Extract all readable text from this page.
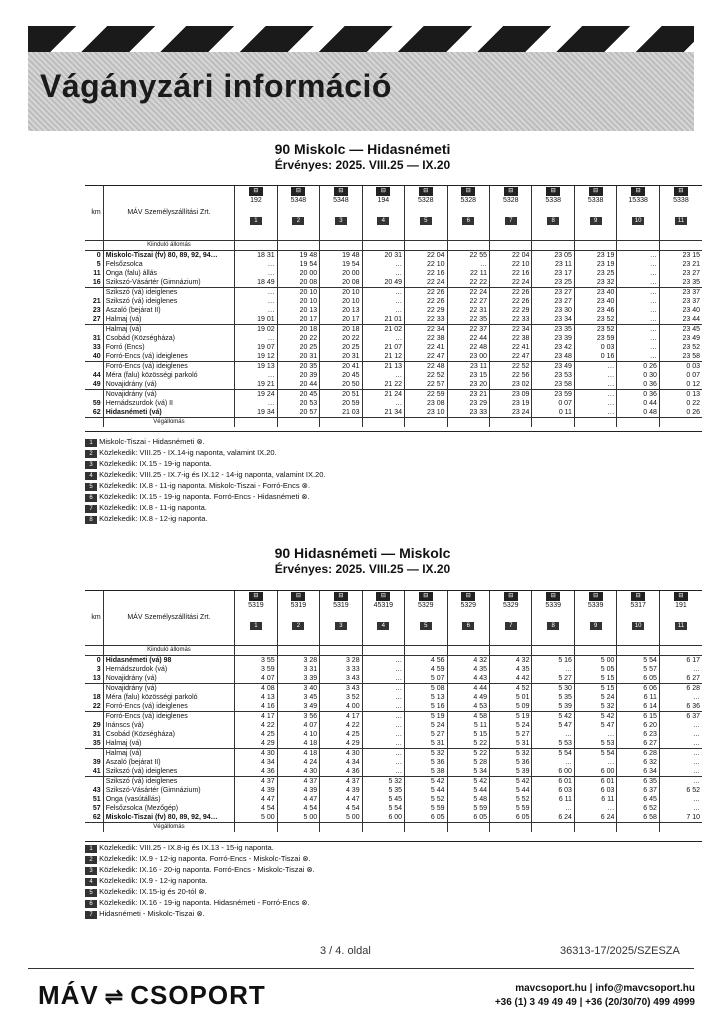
Vágányzári információ
90 Miskolc — Hidasnémeti
Érvényes: 2025. VIII.25 — IX.20
km	MÁV Személyszállítási Zrt.	⊟
192

1	⊟
5348

2	⊟
5348

3	⊟
194

4	⊟
5328

5	⊟
5328

6	⊟
5328

7	⊟
5338

8	⊟
5338

9	⊟
15338

10	⊟
5338

11
	Kiinduló állomás											
0	Miskolc-Tiszai (fv) 80, 89, 92, 94…	18 31	19 48	19 48	20 31	22 04	22 55	22 04	23 05	23 19	…	23 15
5	Felsőzsolca	…	19 54	19 54	…	22 10	…	22 10	23 11	23 19	…	23 21
11	Onga (falu) állás	…	20 00	20 00	…	22 16	22 11	22 16	23 17	23 25	…	23 27
16	Szikszó-Vásártér (Gimnázium)	18 49	20 08	20 08	20 49	22 24	22 22	22 24	23 25	23 32	…	23 35
	Szikszó (vá) ideiglenes	…	20 10	20 10	…	22 26	22 24	22 26	23 27	23 40	…	23 37
21	Szikszó (vá) ideiglenes	…	20 10	20 10	…	22 26	22 27	22 26	23 27	23 40	…	23 37
23	Aszaló (bejárat II)	…	20 13	20 13	…	22 29	22 31	22 29	23 30	23 46	…	23 40
27	Halmaj (vá)	19 01	20 17	20 17	21 01	22 33	22 35	22 33	23 34	23 52	…	23 44
	Halmaj (vá)	19 02	20 18	20 18	21 02	22 34	22 37	22 34	23 35	23 52	…	23 45
31	Csobád (Községháza)	…	20 22	20 22	…	22 38	22 44	22 38	23 39	23 59	…	23 49
33	Forró (Encs)	19 07	20 25	20 25	21 07	22 41	22 48	22 41	23 42	0 03	…	23 52
40	Forró-Encs (vá) ideiglenes	19 12	20 31	20 31	21 12	22 47	23 00	22 47	23 48	0 16	…	23 58
	Forró-Encs (vá) ideiglenes	19 13	20 35	20 41	21 13	22 48	23 11	22 52	23 49	…	0 26	0 03
44	Méra (falu) közösségi parkoló	…	20 39	20 45	…	22 52	23 15	22 56	23 53	…	0 30	0 07
49	Novajidrány (vá)	19 21	20 44	20 50	21 22	22 57	23 20	23 02	23 58	…	0 36	0 12
	Novajidrány (vá)	19 24	20 45	20 51	21 24	22 59	23 21	23 09	23 59	…	0 36	0 13
59	Hernádszurdok (vá) II	…	20 53	20 59	…	23 08	23 29	23 19	0 07	…	0 44	0 22
62	Hidasnémeti (vá)	19 34	20 57	21 03	21 34	23 10	23 33	23 24	0 11	…	0 48	0 26
	Végállomás											
1 Miskolc-Tiszai - Hidasnémeti ⊗.
2 Közlekedik: VIII.25 - IX.14-ig naponta, valamint IX.20.
3 Közlekedik: IX.15 - 19-ig naponta.
4 Közlekedik: VIII.25 - IX.7-ig és IX.12 - 14-ig naponta, valamint IX.20.
5 Közlekedik: IX.8 - 11-ig naponta. Miskolc-Tiszai - Forró-Encs ⊗.
6 Közlekedik: IX.15 - 19-ig naponta. Forró-Encs - Hidasnémeti ⊗.
7 Közlekedik: IX.8 - 11-ig naponta.
8 Közlekedik: IX.8 - 12-ig naponta.
90 Hidasnémeti — Miskolc
Érvényes: 2025. VIII.25 — IX.20
km	MÁV Személyszállítási Zrt.	⊟
5319

1	⊟
5319

2	⊟
5319

3	⊟
45319

4	⊟
5329

5	⊟
5329

6	⊟
5329

7	⊟
5339

8	⊟
5339

9	⊟
5317

10	⊟
191

11
	Kiinduló állomás											
0	Hidasnémeti (vá) 98	3 55	3 28	3 28	…	4 56	4 32	4 32	5 16	5 00	5 54	6 17
3	Hernádszurdok (vá)	3 59	3 31	3 33	…	4 59	4 35	4 35	…	5 05	5 57	…
13	Novajidrány (vá)	4 07	3 39	3 43	…	5 07	4 43	4 42	5 27	5 15	6 05	6 27
	Novajidrány (vá)	4 08	3 40	3 43	…	5 08	4 44	4 52	5 30	5 15	6 06	6 28
18	Méra (falu) közösségi parkoló	4 13	3 45	3 52	…	5 13	4 49	5 01	5 35	5 24	6 11	…
22	Forró-Encs (vá) ideiglenes	4 16	3 49	4 00	…	5 16	4 53	5 09	5 39	5 32	6 14	6 36
	Forró-Encs (vá) ideiglenes	4 17	3 56	4 17	…	5 19	4 58	5 19	5 42	5 42	6 15	6 37
29	Inánscs (vá)	4 22	4 07	4 22	…	5 24	5 11	5 24	5 47	5 47	6 20	…
31	Csobád (Községháza)	4 25	4 10	4 25	…	5 27	5 15	5 27	…	…	6 23	…
35	Halmaj (vá)	4 29	4 18	4 29	…	5 31	5 22	5 31	5 53	5 53	6 27	…
	Halmaj (vá)	4 30	4 18	4 30	…	5 32	5 22	5 32	5 54	5 54	6 28	…
39	Aszaló (bejárat II)	4 34	4 24	4 34	…	5 36	5 28	5 36	…	…	6 32	…
41	Szikszó (vá) ideiglenes	4 36	4 30	4 36	…	5 38	5 34	5 39	6 00	6 00	6 34	…
	Szikszó (vá) ideiglenes	4 37	4 37	4 37	5 32	5 42	5 42	5 42	6 01	6 01	6 35	…
43	Szikszó-Vásártér (Gimnázium)	4 39	4 39	4 39	5 35	5 44	5 44	5 44	6 03	6 03	6 37	6 52
51	Onga (vasútállás)	4 47	4 47	4 47	5 45	5 52	5 48	5 52	6 11	6 11	6 45	…
57	Felsőzsolca (Mezőgép)	4 54	4 54	4 54	5 54	5 59	5 59	5 59	…	…	6 52	…
62	Miskolc-Tiszai (fv) 80, 89, 92, 94…	5 00	5 00	5 00	6 00	6 05	6 05	6 05	6 24	6 24	6 58	7 10
	Végállomás											
1 Közlekedik: VIII.25 - IX.8-ig és IX.13 - 15-ig naponta.
2 Közlekedik: IX.9 - 12-ig naponta. Forró-Encs - Miskolc-Tiszai ⊗.
3 Közlekedik: IX.16 - 20-ig naponta. Forró-Encs - Miskolc-Tiszai ⊗.
4 Közlekedik: IX.9 - 12-ig naponta.
5 Közlekedik: IX.15-ig és 20-tól ⊗.
6 Közlekedik: IX.16 - 19-ig naponta. Hidasnémeti - Forró-Encs ⊗.
7 Hidasnémeti - Miskolc-Tiszai ⊗.
3 / 4. oldal	36313-17/2025/SZESZA
MÁV ⇌ CSOPORT	mavcsoport.hu | info@mavcsoport.hu
+36 (1) 3 49 49 49 | +36 (20/30/70) 499 4999
